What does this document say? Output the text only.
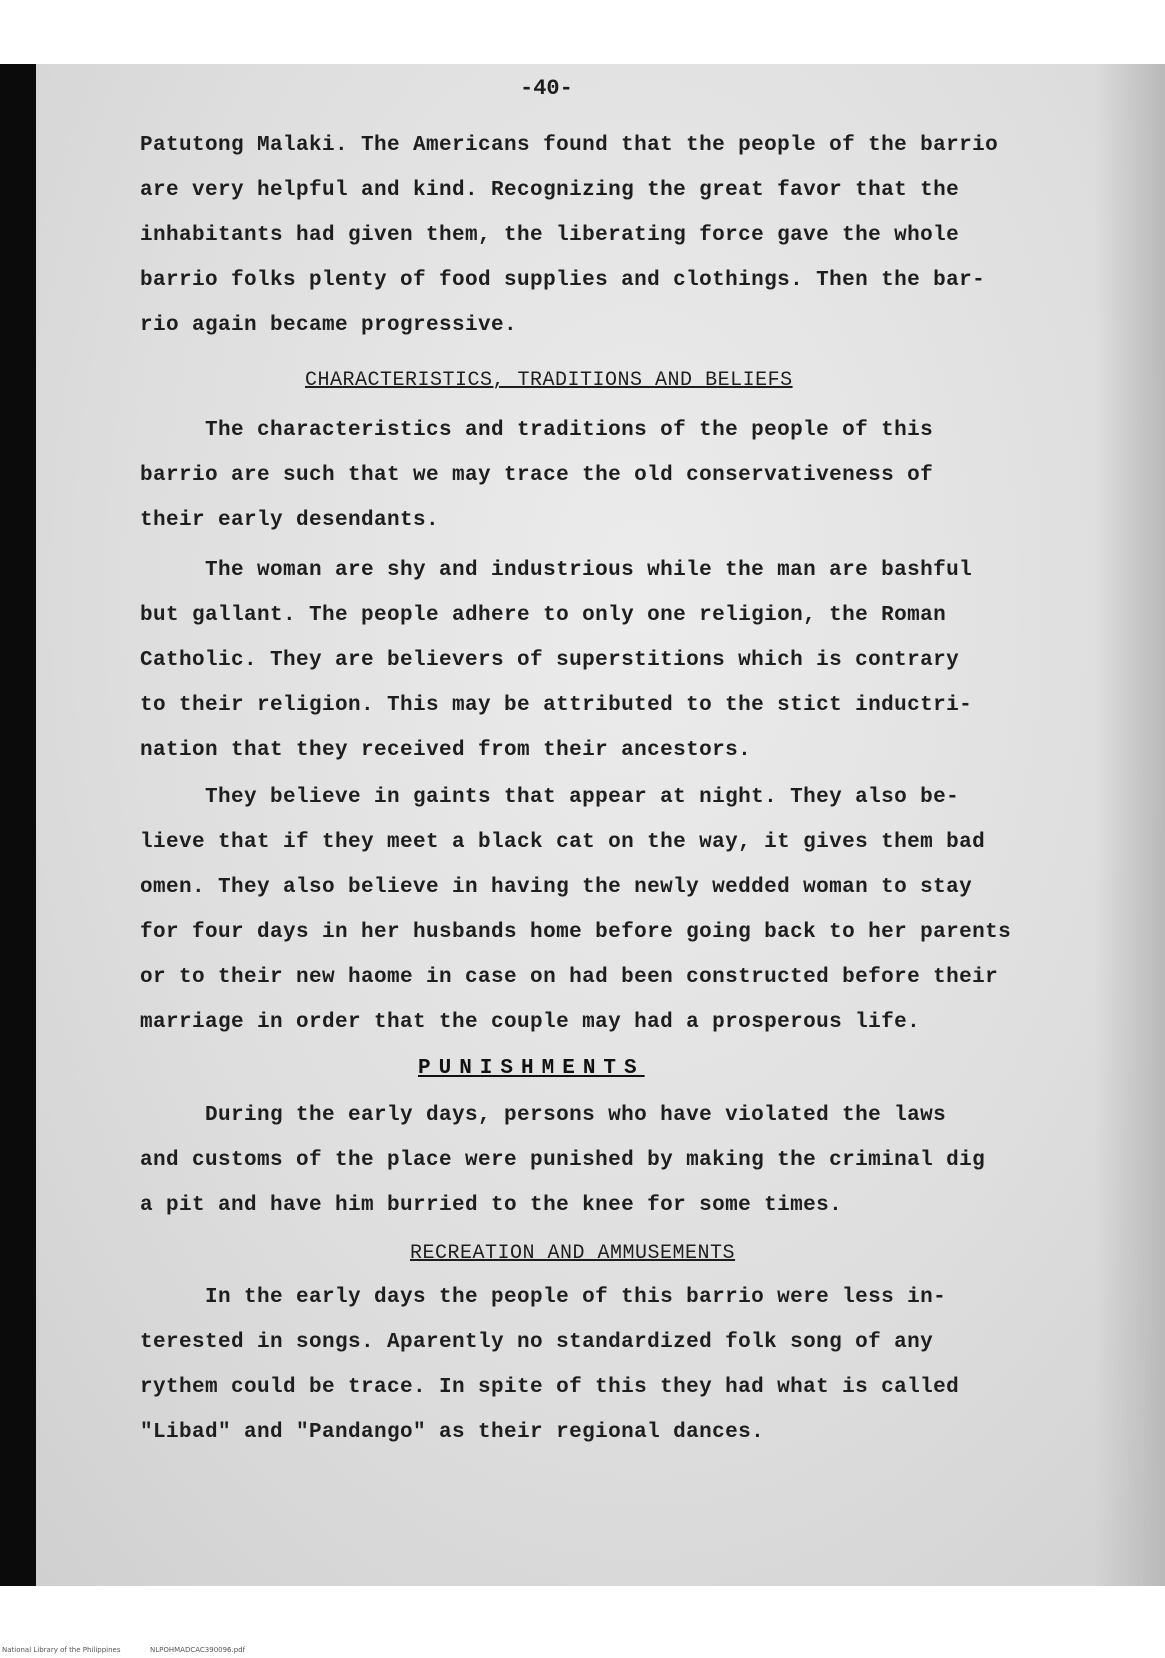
-40-
Patutong Malaki. The Americans found that the people of the barrio
are very helpful and kind. Recognizing the great favor that the
inhabitants had given them, the liberating force gave the whole
barrio folks plenty of food supplies and clothings. Then the bar-
rio again became progressive.
CHARACTERISTICS, TRADITIONS AND BELIEFS
The characteristics and traditions of the people of this
barrio are such that we may trace the old conservativeness of
their early desendants.
The woman are shy and industrious while the man are bashful
but gallant. The people adhere to only one religion, the Roman
Catholic. They are believers of superstitions which is contrary
to their religion. This may be attributed to the stict inductri-
nation that they received from their ancestors.
They believe in gaints that appear at night. They also be-
lieve that if they meet a black cat on the way, it gives them bad
omen. They also believe in having the newly wedded woman to stay
for four days in her husbands home before going back to her parents
or to their new haome in case on had been constructed before their
marriage in order that the couple may had a prosperous life.
PUNISHMENTS
During the early days, persons who have violated the laws
and customs of the place were punished by making the criminal dig
a pit and have him burried to the knee for some times.
RECREATION AND AMMUSEMENTS
In the early days the people of this barrio were less in-
terested in songs. Aparently no standardized folk song of any
rythem could be trace. In spite of this they had what is called
"Libad" and "Pandango" as their regional dances.
National Library of the Philippines	NLPOHMADCAC390096.pdf
